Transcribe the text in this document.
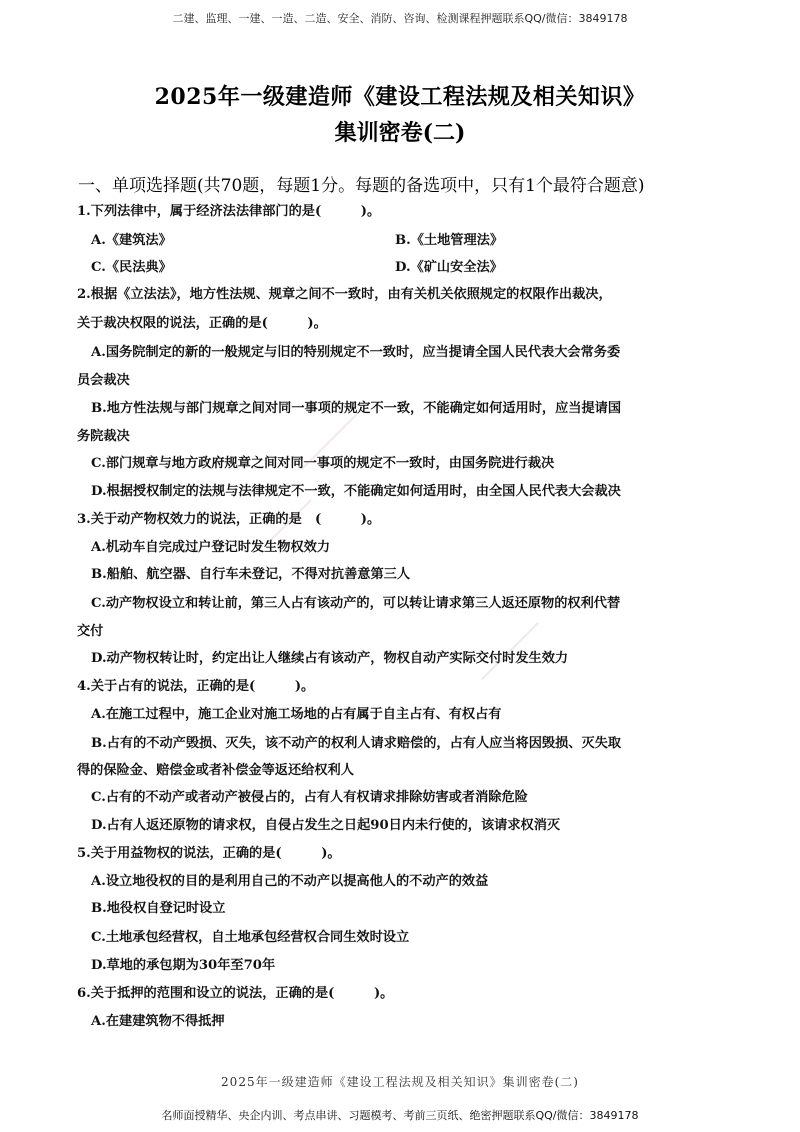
二建、监理、一建、一造、二造、安全、消防、咨询、检测课程押题联系QQ/微信：3849178
2025年一级建造师《建设工程法规及相关知识》
集训密卷(二)
一、单项选择题(共70题，每题1分。每题的备选项中，只有1个最符合题意)
1.下列法律中，属于经济法法律部门的是(　　　)。
A.《建筑法》	B.《土地管理法》
C.《民法典》	D.《矿山安全法》
2.根据《立法法》，地方性法规、规章之间不一致时，由有关机关依照规定的权限作出裁决，
关于裁决权限的说法，正确的是(　　　)。
A.国务院制定的新的一般规定与旧的特别规定不一致时，应当提请全国人民代表大会常务委
员会裁决
B.地方性法规与部门规章之间对同一事项的规定不一致，不能确定如何适用时，应当提请国
务院裁决
C.部门规章与地方政府规章之间对同一事项的规定不一致时，由国务院进行裁决
D.根据授权制定的法规与法律规定不一致，不能确定如何适用时，由全国人民代表大会裁决
3.关于动产物权效力的说法，正确的是　(　　　)。
A.机动车自完成过户登记时发生物权效力
B.船舶、航空器、自行车未登记，不得对抗善意第三人
C.动产物权设立和转让前，第三人占有该动产的，可以转让请求第三人返还原物的权利代替
交付
D.动产物权转让时，约定出让人继续占有该动产，物权自动产实际交付时发生效力
4.关于占有的说法，正确的是(　　　)。
A.在施工过程中，施工企业对施工场地的占有属于自主占有、有权占有
B.占有的不动产毁损、灭失，该不动产的权利人请求赔偿的，占有人应当将因毁损、灭失取
得的保险金、赔偿金或者补偿金等返还给权利人
C.占有的不动产或者动产被侵占的，占有人有权请求排除妨害或者消除危险
D.占有人返还原物的请求权，自侵占发生之日起90日内未行使的，该请求权消灭
5.关于用益物权的说法，正确的是(　　　)。
A.设立地役权的目的是利用自己的不动产以提高他人的不动产的效益
B.地役权自登记时设立
C.土地承包经营权，自土地承包经营权合同生效时设立
D.草地的承包期为30年至70年
6.关于抵押的范围和设立的说法，正确的是(　　　)。
A.在建建筑物不得抵押
2025年一级建造师《建设工程法规及相关知识》集训密卷(二)
名师面授精华、央企内训、考点串讲、习题模考、考前三页纸、绝密押题联系QQ/微信：3849178
